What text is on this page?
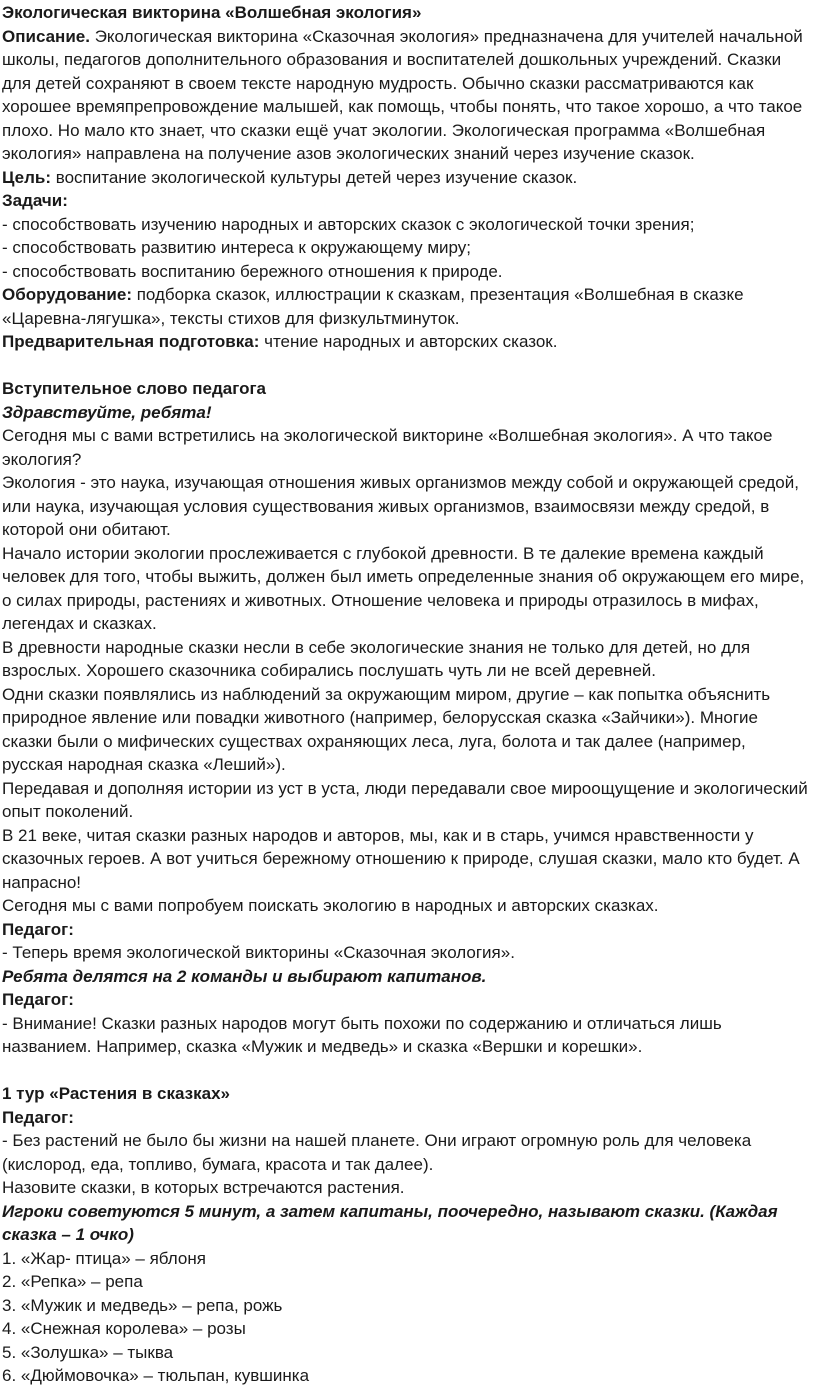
Экологическая викторина «Волшебная экология»

Описание. Экологическая викторина «Сказочная экология» предназначена для учителей начальной школы, педагогов дополнительного образования и воспитателей дошкольных учреждений. Сказки для детей сохраняют в своем тексте народную мудрость. Обычно сказки рассматриваются как хорошее времяпрепровождение малышей, как помощь, чтобы понять, что такое хорошо, а что такое плохо. Но мало кто знает, что сказки ещё учат экологии. Экологическая программа «Волшебная экология» направлена на получение азов экологических знаний через изучение сказок.

Цель: воспитание экологической культуры детей через изучение сказок.

Задачи:

- способствовать изучению народных и авторских сказок с экологической точки зрения;

- способствовать развитию интереса к окружающему миру;

- способствовать воспитанию бережного отношения к природе.

Оборудование: подборка сказок, иллюстрации к сказкам, презентация «Волшебная в сказке «Царевна-лягушка», тексты стихов для физкультминуток.

Предварительная подготовка: чтение народных и авторских сказок.

Вступительное слово педагога

Здравствуйте, ребята!

Сегодня мы с вами встретились на экологической викторине «Волшебная экология». А что такое экология?

Экология - это наука, изучающая отношения живых организмов между собой и окружающей средой, или наука, изучающая условия существования живых организмов, взаимосвязи между средой, в которой они обитают.

Начало истории экологии прослеживается с глубокой древности. В те далекие времена каждый человек для того, чтобы выжить, должен был иметь определенные знания об окружающем его мире, о силах природы, растениях и животных. Отношение человека и природы отразилось в мифах, легендах и сказках.

В древности народные сказки несли в себе экологические знания не только для детей, но для взрослых. Хорошего сказочника собирались послушать чуть ли не всей деревней.

Одни сказки появлялись из наблюдений за окружающим миром, другие – как попытка объяснить природное явление или повадки животного (например, белорусская сказка «Зайчики»). Многие сказки были о мифических существах охраняющих леса, луга, болота и так далее (например, русская народная сказка «Леший»).

Передавая и дополняя истории из уст в уста, люди передавали свое мироощущение и экологический опыт поколений.

В 21 веке, читая сказки разных народов и авторов, мы, как и в старь, учимся нравственности у сказочных героев. А вот учиться бережному отношению к природе, слушая сказки, мало кто будет. А напрасно!

Сегодня мы с вами попробуем поискать экологию в народных и авторских сказках.

Педагог:

- Теперь время экологической викторины «Сказочная экология».

Ребята делятся на 2 команды и выбирают капитанов.

Педагог:

- Внимание! Сказки разных народов могут быть похожи по содержанию и отличаться лишь названием. Например, сказка «Мужик и медведь» и сказка «Вершки и корешки».

1 тур «Растения в сказках»

Педагог:

- Без растений не было бы жизни на нашей планете. Они играют огромную роль для человека (кислород, еда, топливо, бумага, красота и так далее).

Назовите сказки, в которых встречаются растения.

Игроки советуются 5 минут, а затем капитаны, поочередно, называют сказки. (Каждая сказка – 1 очко)

1. «Жар- птица» – яблоня

2. «Репка» – репа

3. «Мужик и медведь» – репа, рожь

4. «Снежная королева» – розы

5. «Золушка» – тыква

6. «Дюймовочка» – тюльпан, кувшинка
